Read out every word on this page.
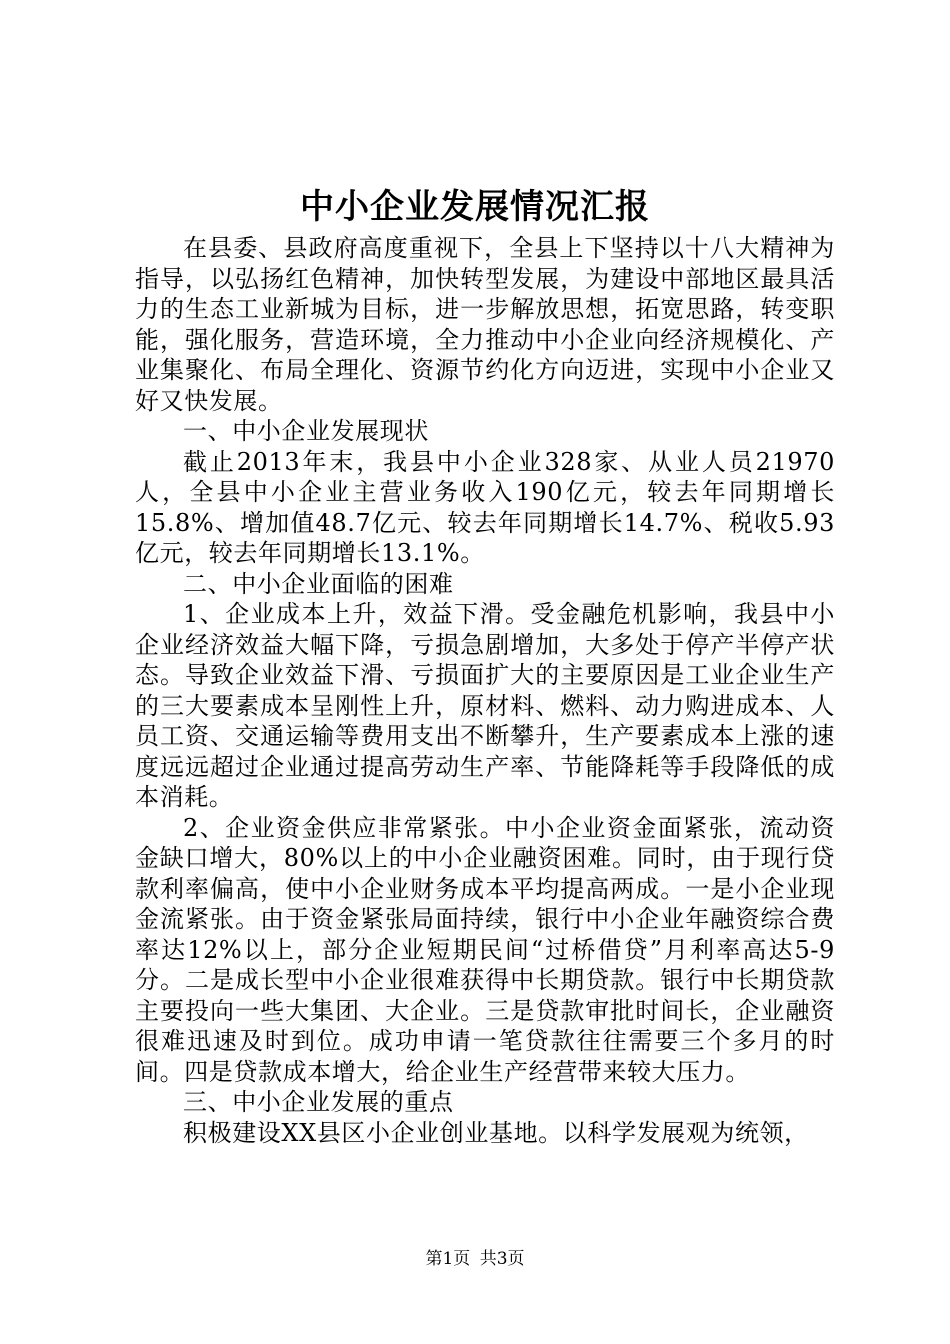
中小企业发展情况汇报

在县委、县政府高度重视下，全县上下坚持以十八大精神为指导，以弘扬红色精神，加快转型发展，为建设中部地区最具活力的生态工业新城为目标，进一步解放思想，拓宽思路，转变职能，强化服务，营造环境，全力推动中小企业向经济规模化、产业集聚化、布局全理化、资源节约化方向迈进，实现中小企业又好又快发展。

一、中小企业发展现状

截止2013年末，我县中小企业328家、从业人员21970人，全县中小企业主营业务收入190亿元，较去年同期增长15.8%、增加值48.7亿元、较去年同期增长14.7%、税收5.93亿元，较去年同期增长13.1%。

二、中小企业面临的困难

1、企业成本上升，效益下滑。受金融危机影响，我县中小企业经济效益大幅下降，亏损急剧增加，大多处于停产半停产状态。导致企业效益下滑、亏损面扩大的主要原因是工业企业生产的三大要素成本呈刚性上升，原材料、燃料、动力购进成本、人员工资、交通运输等费用支出不断攀升，生产要素成本上涨的速度远远超过企业通过提高劳动生产率、节能降耗等手段降低的成本消耗。

2、企业资金供应非常紧张。中小企业资金面紧张，流动资金缺口增大，80%以上的中小企业融资困难。同时，由于现行贷款利率偏高，使中小企业财务成本平均提高两成。一是小企业现金流紧张。由于资金紧张局面持续，银行中小企业年融资综合费率达12%以上，部分企业短期民间“过桥借贷”月利率高达5-9分。二是成长型中小企业很难获得中长期贷款。银行中长期贷款主要投向一些大集团、大企业。三是贷款审批时间长，企业融资很难迅速及时到位。成功申请一笔贷款往往需要三个多月的时间。四是贷款成本增大，给企业生产经营带来较大压力。

三、中小企业发展的重点

积极建设XX县区小企业创业基地。以科学发展观为统领，

第1页 共3页
